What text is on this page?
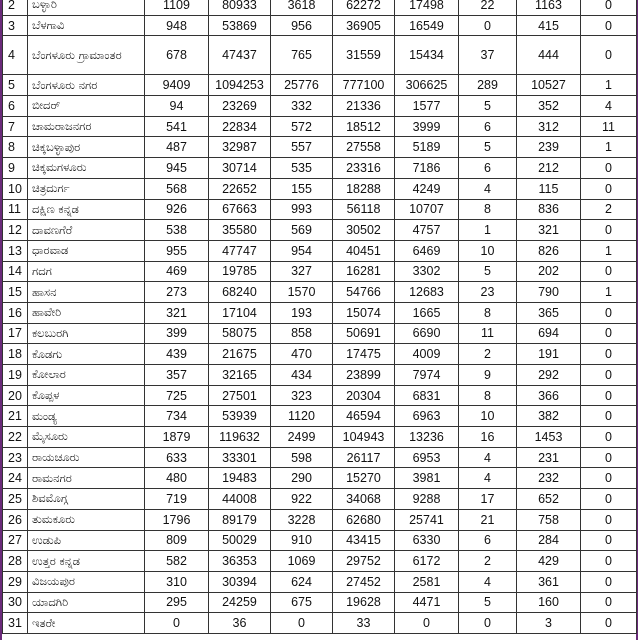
2	ಬಳ್ಳಾರಿ	1109	80933	3618	62272	17498	22	1163	0
3	ಬೆಳಗಾವಿ	948	53869	956	36905	16549	0	415	0
4	ಬೆಂಗಳೂರು ಗ್ರಾಮಾಂತರ	678	47437	765	31559	15434	37	444	0
5	ಬೆಂಗಳೂರು ನಗರ	9409	1094253	25776	777100	306625	289	10527	1
6	ಬೀದರ್	94	23269	332	21336	1577	5	352	4
7	ಚಾಮರಾಜನಗರ	541	22834	572	18512	3999	6	312	11
8	ಚಿಕ್ಕಬಳ್ಳಾಪುರ	487	32987	557	27558	5189	5	239	1
9	ಚಿಕ್ಕಮಗಳೂರು	945	30714	535	23316	7186	6	212	0
10	ಚಿತ್ರದುರ್ಗ	568	22652	155	18288	4249	4	115	0
11	ದಕ್ಷಿಣ ಕನ್ನಡ	926	67663	993	56118	10707	8	836	2
12	ದಾವಣಗೆರೆ	538	35580	569	30502	4757	1	321	0
13	ಧಾರವಾಡ	955	47747	954	40451	6469	10	826	1
14	ಗದಗ	469	19785	327	16281	3302	5	202	0
15	ಹಾಸನ	273	68240	1570	54766	12683	23	790	1
16	ಹಾವೇರಿ	321	17104	193	15074	1665	8	365	0
17	ಕಲಬುರಗಿ	399	58075	858	50691	6690	11	694	0
18	ಕೊಡಗು	439	21675	470	17475	4009	2	191	0
19	ಕೋಲಾರ	357	32165	434	23899	7974	9	292	0
20	ಕೊಪ್ಪಳ	725	27501	323	20304	6831	8	366	0
21	ಮಂಡ್ಯ	734	53939	1120	46594	6963	10	382	0
22	ಮೈಸೂರು	1879	119632	2499	104943	13236	16	1453	0
23	ರಾಯಚೂರು	633	33301	598	26117	6953	4	231	0
24	ರಾಮನಗರ	480	19483	290	15270	3981	4	232	0
25	ಶಿವಮೊಗ್ಗ	719	44008	922	34068	9288	17	652	0
26	ತುಮಕೂರು	1796	89179	3228	62680	25741	21	758	0
27	ಉಡುಪಿ	809	50029	910	43415	6330	6	284	0
28	ಉತ್ತರ ಕನ್ನಡ	582	36353	1069	29752	6172	2	429	0
29	ವಿಜಯಪುರ	310	30394	624	27452	2581	4	361	0
30	ಯಾದಗಿರಿ	295	24259	675	19628	4471	5	160	0
31	ಇತರೇ	0	36	0	33	0	0	3	0
